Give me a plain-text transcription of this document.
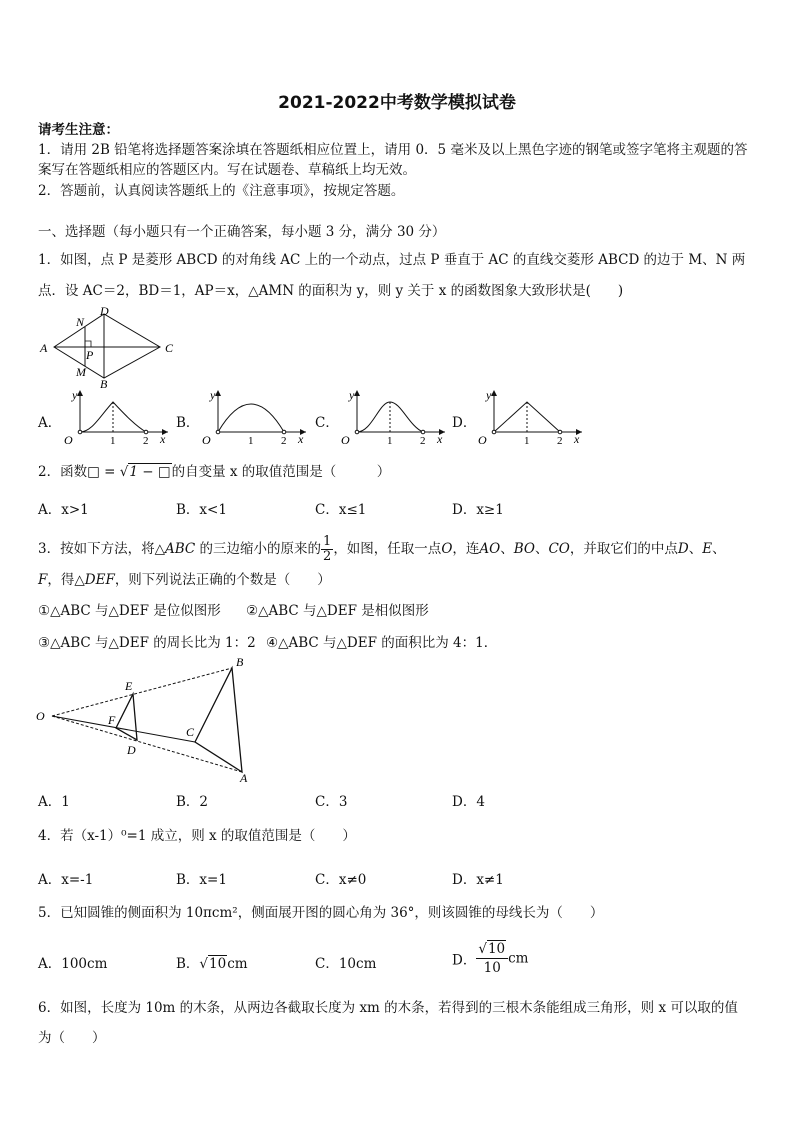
2021-2022中考数学模拟试卷
请考生注意：
1．请用 2B 铅笔将选择题答案涂填在答题纸相应位置上，请用 0．5 毫米及以上黑色字迹的钢笔或签字笔将主观题的答
案写在答题纸相应的答题区内。写在试题卷、草稿纸上均无效。
2．答题前，认真阅读答题纸上的《注意事项》，按规定答题。
一、选择题（每小题只有一个正确答案，每小题 3 分，满分 30 分）
1．如图，点 P 是菱形 ABCD 的对角线 AC 上的一个动点，过点 P 垂直于 AC 的直线交菱形 ABCD 的边于 M、N 两
点．设 AC＝2，BD＝1，AP＝x，△AMN 的面积为 y，则 y 关于 x 的函数图象大致形状是(　　)
A
D
C
B
N
M
P
A．	B．	C．	D．
y
O	1	2 x
y
O	1	2 x
y
O	1	2 x
y
O	1	2 x
2．函数□ = √1 − □的自变量 x 的取值范围是（　　　）
A．x>1	B．x<1	C．x≤1	D．x≥1
3．按如下方法，将△ABC 的三边缩小的原来的 $\frac{1}{2}$ ，如图，任取一点O，连AO、BO、CO，并取它们的中点D、E、
F，得△DEF，则下列说法正确的个数是（　　）
①△ABC 与△DEF 是位似图形 ②△ABC 与△DEF 是相似图形
③△ABC 与△DEF 的周长比为 1：2 ④△ABC 与△DEF 的面积比为 4：1．
O
B
A
C
E
D
F
A．1	B．2	C．3	D．4
4．若（x-1）⁰=1 成立，则 x 的取值范围是（　　）
A．x=-1	B．x=1	C．x≠0	D．x≠1
5．已知圆锥的侧面积为 10πcm²，侧面展开图的圆心角为 36°，则该圆锥的母线长为（　　）
A．100cm	B．√10cm	C．10cm	D． $\frac{√10}{10}$ cm
6．如图，长度为 10m 的木条，从两边各截取长度为 xm 的木条，若得到的三根木条能组成三角形，则 x 可以取的值
为（　　）
